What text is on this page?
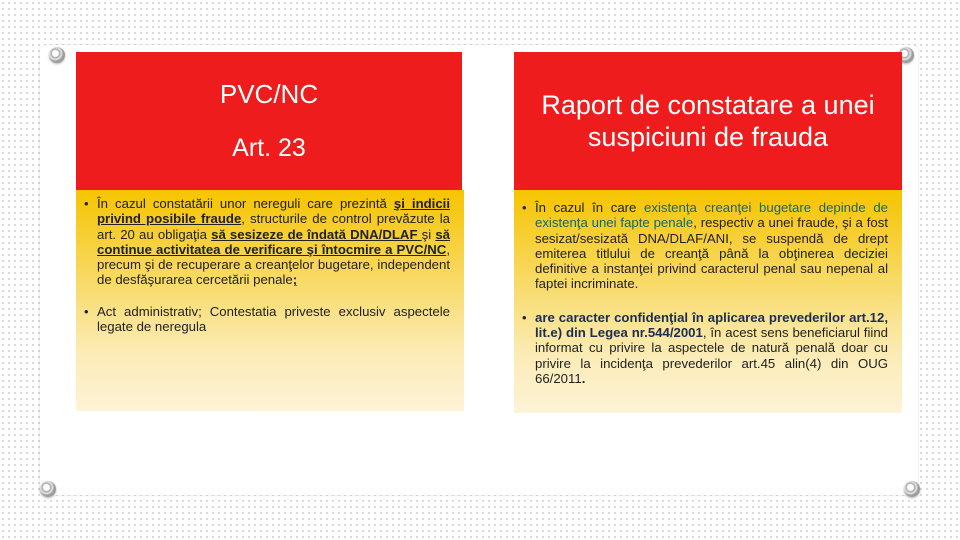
PVC/NC
Art. 23
• În cazul constatării unor nereguli care prezintă şi indicii privind posibile fraude, structurile de control prevăzute la art. 20 au obligaţia să sesizeze de îndată DNA/DLAF şi să continue activitatea de verificare şi întocmire a PVC/NC, precum şi de recuperare a creanţelor bugetare, independent de desfăşurarea cercetării penale;
• Act administrativ; Contestatia priveste exclusiv aspectele legate de neregula
Raport de constatare a unei suspiciuni de frauda
• În cazul în care existenţa creanţei bugetare depinde de existenţa unei fapte penale, respectiv a unei fraude, şi a fost sesizat/sesizată DNA/DLAF/ANI, se suspendă de drept emiterea titlului de creanţă până la obţinerea deciziei definitive a instanţei privind caracterul penal sau nepenal al faptei incriminate.
• are caracter confidenţial în aplicarea prevederilor art.12, lit.e) din Legea nr.544/2001, în acest sens beneficiarul fiind informat cu privire la aspectele de natură penală doar cu privire la incidenţa prevederilor art.45 alin(4) din OUG 66/2011.
